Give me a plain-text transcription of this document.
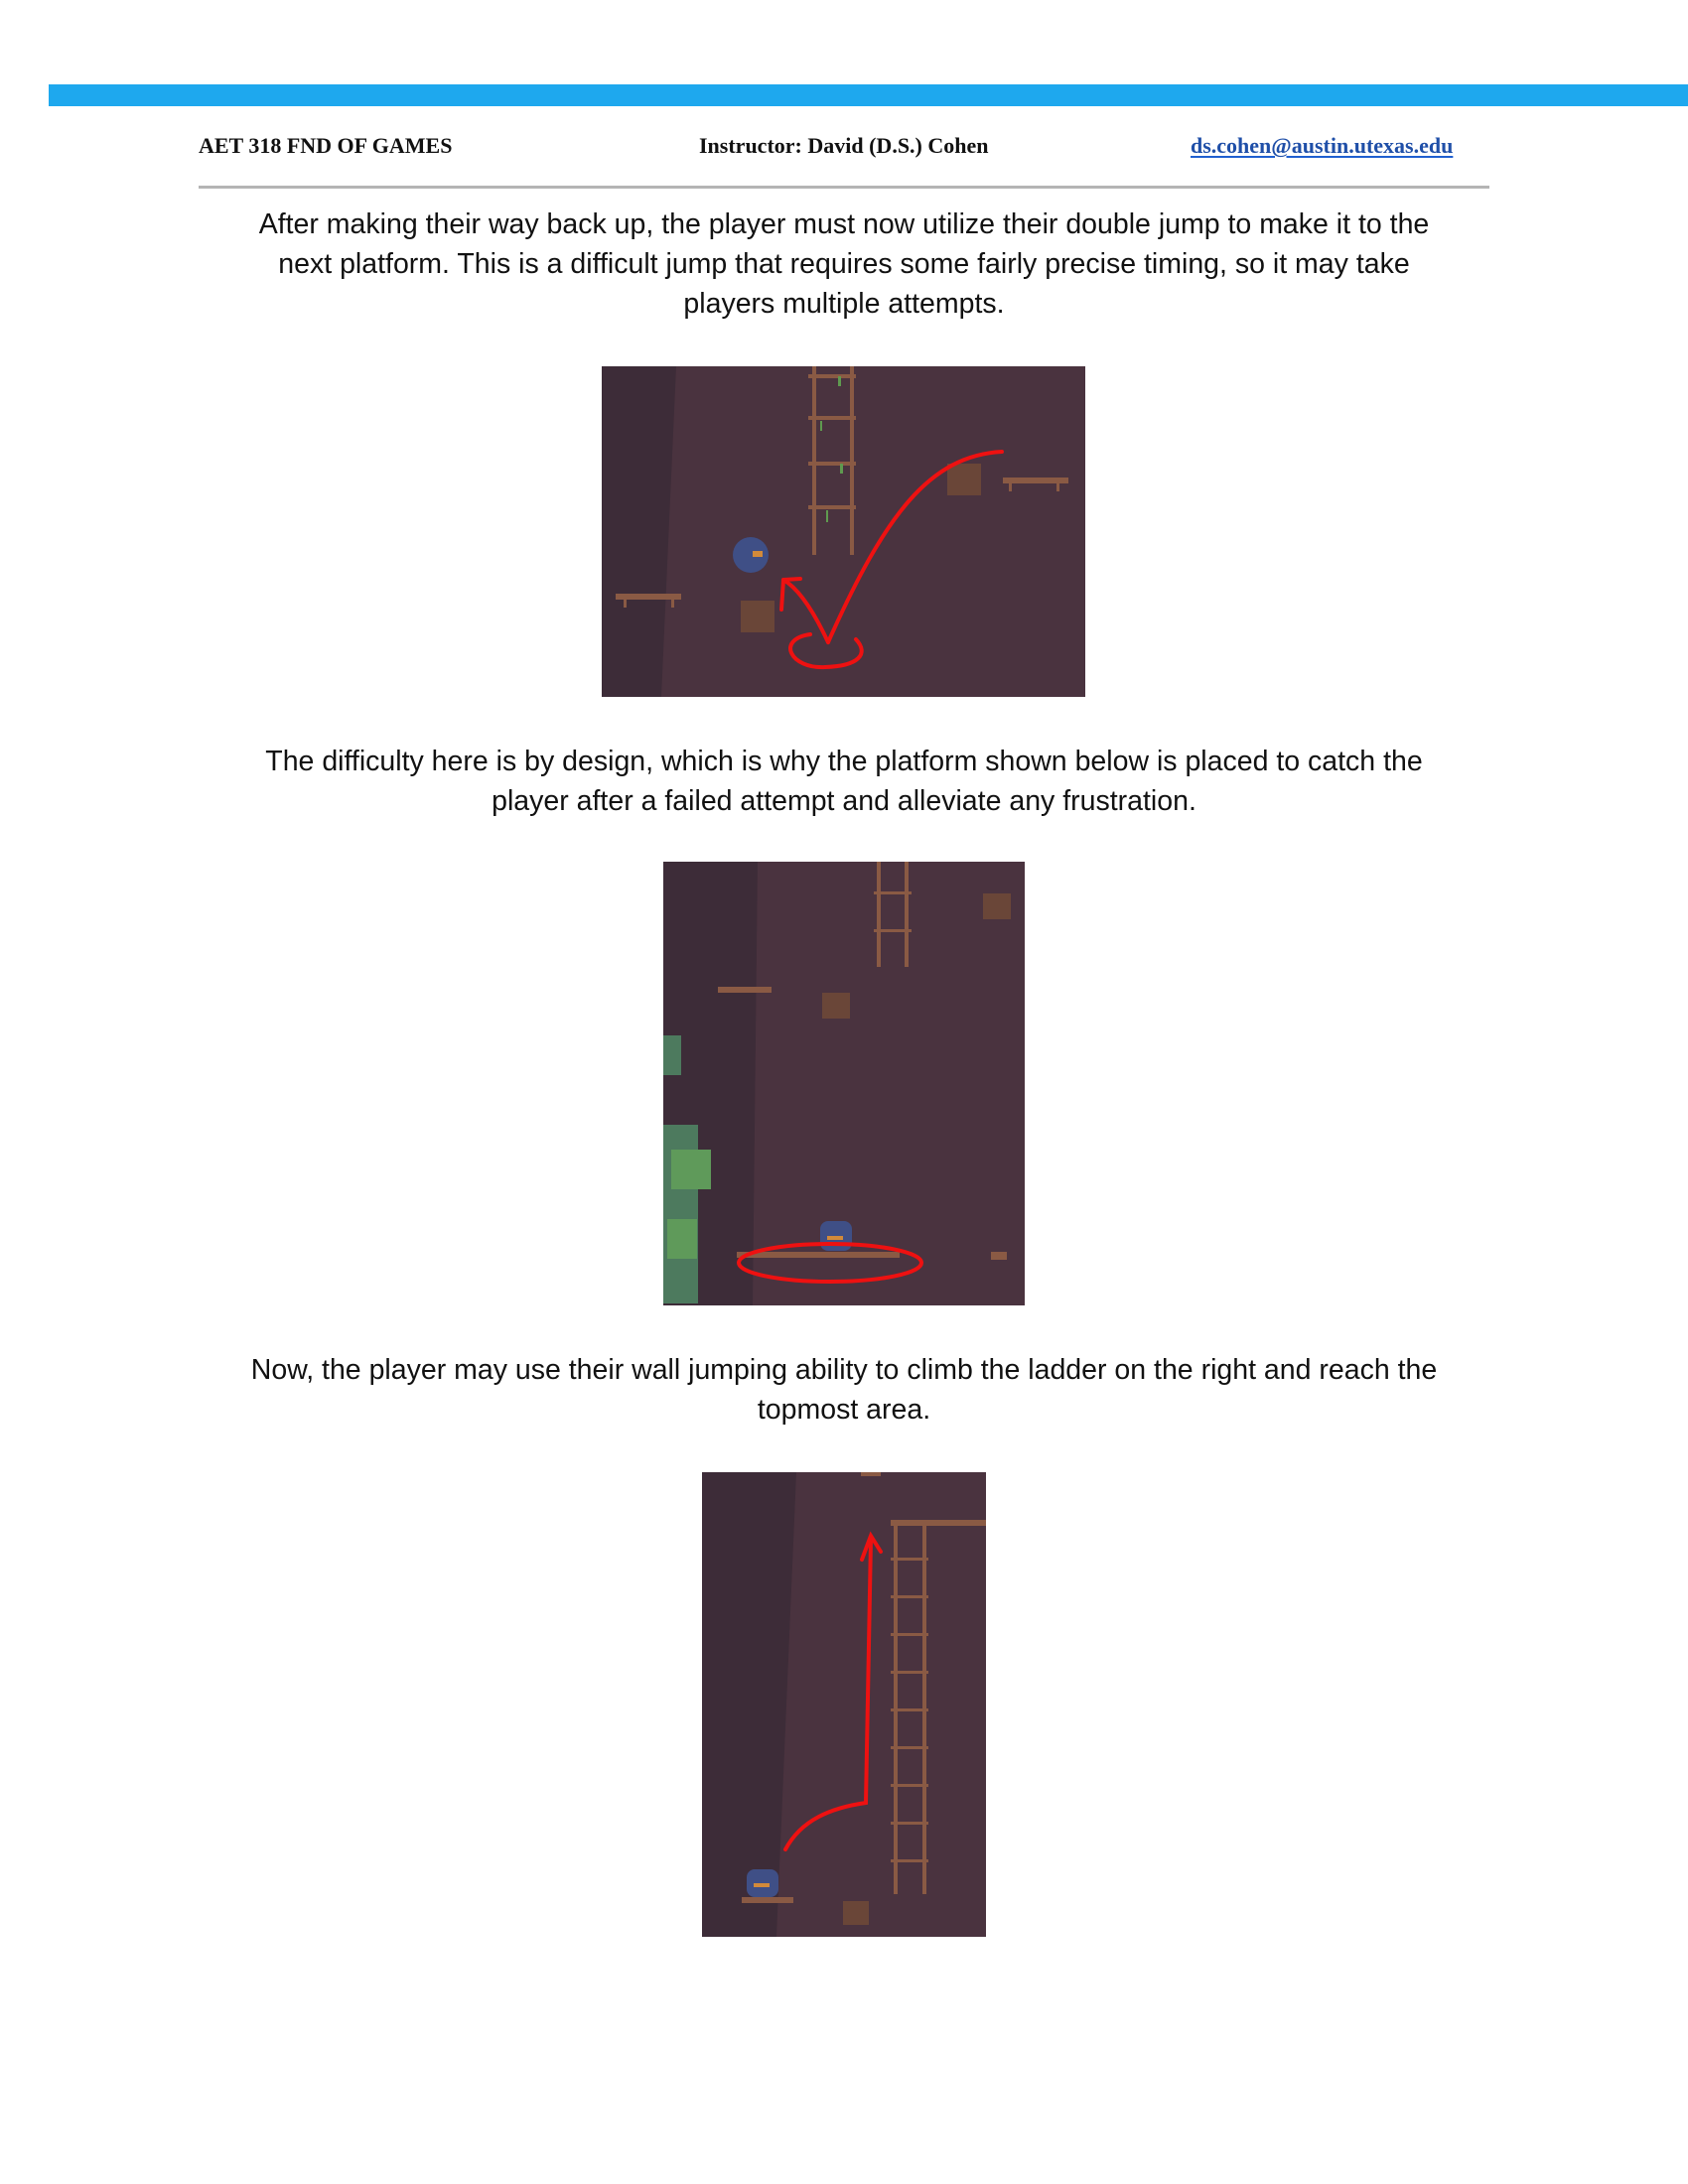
AET 318 FND OF GAMES	Instructor: David (D.S.) Cohen	ds.cohen@austin.utexas.edu
After making their way back up, the player must now utilize their double jump to make it to the
next platform. This is a difficult jump that requires some fairly precise timing, so it may take
players multiple attempts.
The difficulty here is by design, which is why the platform shown below is placed to catch the
player after a failed attempt and alleviate any frustration.
Now, the player may use their wall jumping ability to climb the ladder on the right and reach the
topmost area.
